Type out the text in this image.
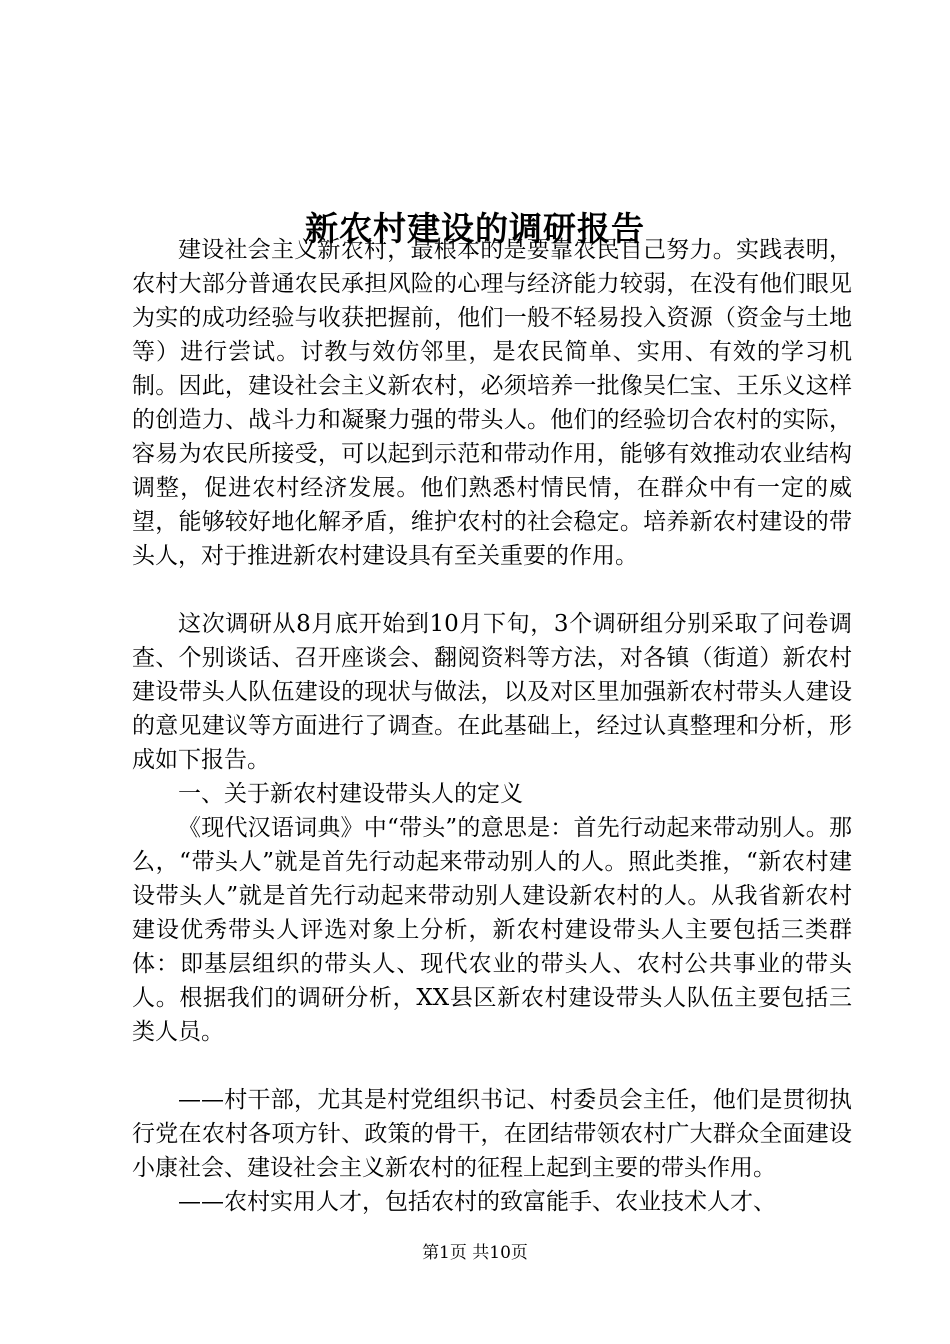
新农村建设的调研报告

建设社会主义新农村，最根本的是要靠农民自己努力。实践表明，农村大部分普通农民承担风险的心理与经济能力较弱，在没有他们眼见为实的成功经验与收获把握前，他们一般不轻易投入资源（资金与土地等）进行尝试。讨教与效仿邻里，是农民简单、实用、有效的学习机制。因此，建设社会主义新农村，必须培养一批像吴仁宝、王乐义这样的创造力、战斗力和凝聚力强的带头人。他们的经验切合农村的实际，容易为农民所接受，可以起到示范和带动作用，能够有效推动农业结构调整，促进农村经济发展。他们熟悉村情民情，在群众中有一定的威望，能够较好地化解矛盾，维护农村的社会稳定。培养新农村建设的带头人，对于推进新农村建设具有至关重要的作用。

这次调研从8月底开始到10月下旬，3个调研组分别采取了问卷调查、个别谈话、召开座谈会、翻阅资料等方法，对各镇（街道）新农村建设带头人队伍建设的现状与做法，以及对区里加强新农村带头人建设的意见建议等方面进行了调查。在此基础上，经过认真整理和分析，形成如下报告。

一、关于新农村建设带头人的定义

《现代汉语词典》中“带头”的意思是：首先行动起来带动别人。那么，“带头人”就是首先行动起来带动别人的人。照此类推，“新农村建设带头人”就是首先行动起来带动别人建设新农村的人。从我省新农村建设优秀带头人评选对象上分析，新农村建设带头人主要包括三类群体：即基层组织的带头人、现代农业的带头人、农村公共事业的带头人。根据我们的调研分析，XX县区新农村建设带头人队伍主要包括三类人员。

——村干部，尤其是村党组织书记、村委员会主任，他们是贯彻执行党在农村各项方针、政策的骨干，在团结带领农村广大群众全面建设小康社会、建设社会主义新农村的征程上起到主要的带头作用。

——农村实用人才，包括农村的致富能手、农业技术人才、

第1页 共10页
